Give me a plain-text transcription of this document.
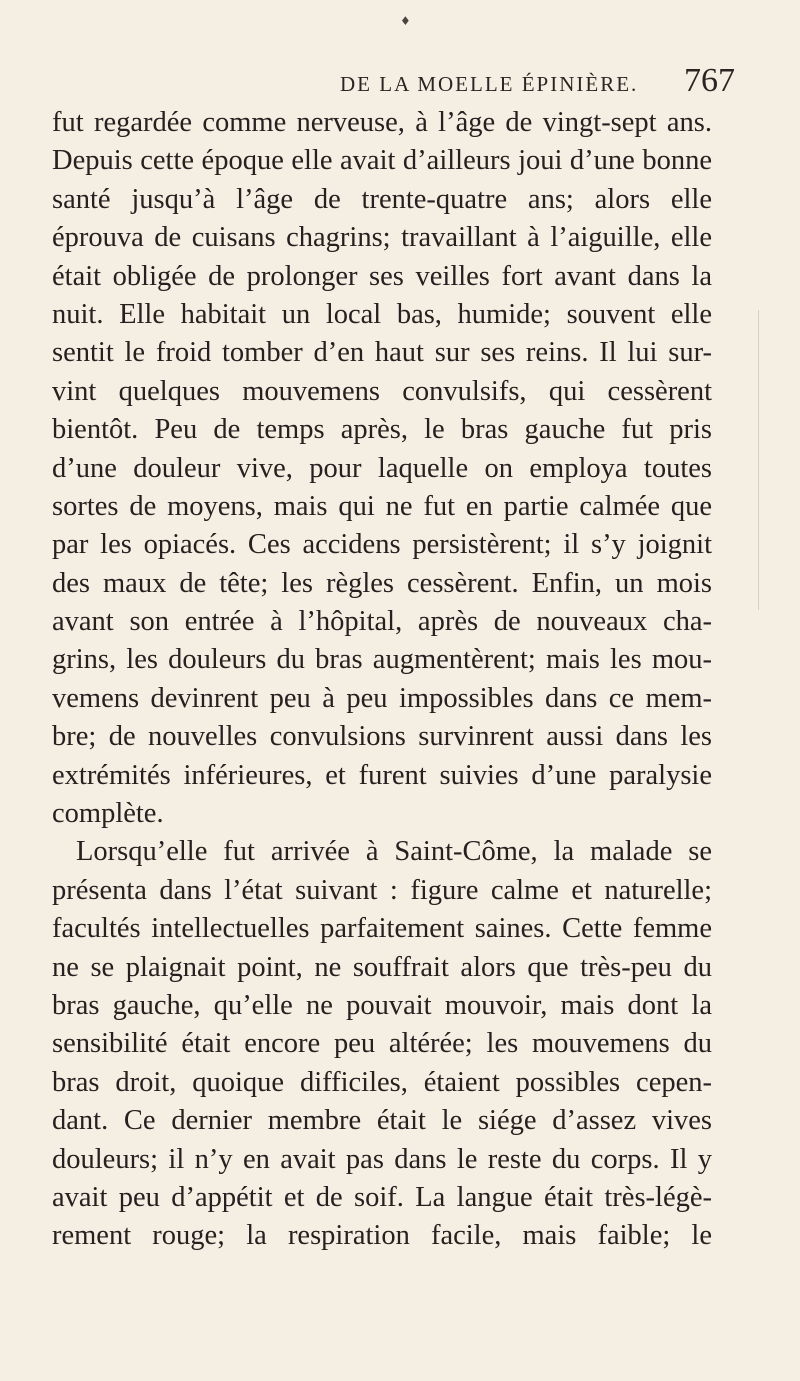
♦
DE LA MOELLE ÉPINIÈRE. 767
fut regardée comme nerveuse, à l’âge de vingt-sept ans.
Depuis cette époque elle avait d’ailleurs joui d’une bonne
santé jusqu’à l’âge de trente-quatre ans; alors elle
éprouva de cuisans chagrins; travaillant à l’aiguille, elle
était obligée de prolonger ses veilles fort avant dans la
nuit. Elle habitait un local bas, humide; souvent elle
sentit le froid tomber d’en haut sur ses reins. Il lui sur-
vint quelques mouvemens convulsifs, qui cessèrent
bientôt. Peu de temps après, le bras gauche fut pris
d’une douleur vive, pour laquelle on employa toutes
sortes de moyens, mais qui ne fut en partie calmée que
par les opiacés. Ces accidens persistèrent; il s’y joignit
des maux de tête; les règles cessèrent. Enfin, un mois
avant son entrée à l’hôpital, après de nouveaux cha-
grins, les douleurs du bras augmentèrent; mais les mou-
vemens devinrent peu à peu impossibles dans ce mem-
bre; de nouvelles convulsions survinrent aussi dans les
extrémités inférieures, et furent suivies d’une paralysie
complète.
Lorsqu’elle fut arrivée à Saint-Côme, la malade se
présenta dans l’état suivant : figure calme et naturelle;
facultés intellectuelles parfaitement saines. Cette femme
ne se plaignait point, ne souffrait alors que très-peu du
bras gauche, qu’elle ne pouvait mouvoir, mais dont la
sensibilité était encore peu altérée; les mouvemens du
bras droit, quoique difficiles, étaient possibles cepen-
dant. Ce dernier membre était le siége d’assez vives
douleurs; il n’y en avait pas dans le reste du corps. Il y
avait peu d’appétit et de soif. La langue était très-légè-
rement rouge; la respiration facile, mais faible; le
